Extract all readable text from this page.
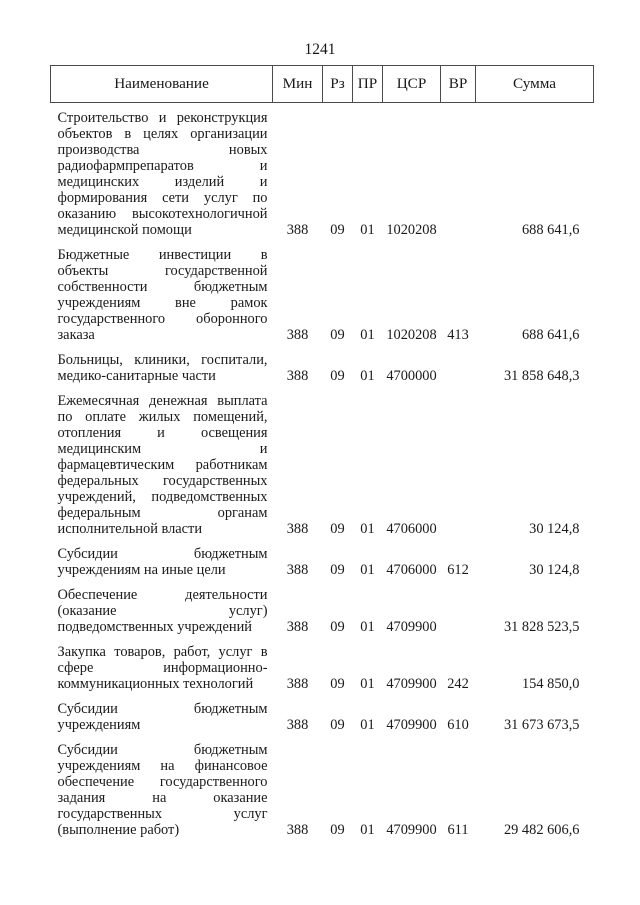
1241
Наименование	Мин	Рз	ПР	ЦСР	ВР	Сумма
Строительство и реконструкция объектов в целях организации производства новых радиофармпрепаратов и медицинских изделий и формирования сети услуг по оказанию высокотехнологичной медицинской помощи	388	09	01	1020208		688 641,6
Бюджетные инвестиции в объекты государственной собственности бюджетным учреждениям вне рамок государственного оборонного заказа	388	09	01	1020208	413	688 641,6
Больницы, клиники, госпитали, медико-санитарные части	388	09	01	4700000		31 858 648,3
Ежемесячная денежная выплата по оплате жилых помещений, отопления и освещения медицинским и фармацевтическим работникам федеральных государственных учреждений, подведомственных федеральным органам исполнительной власти	388	09	01	4706000		30 124,8
Субсидии бюджетным учреждениям на иные цели	388	09	01	4706000	612	30 124,8
Обеспечение деятельности (оказание услуг) подведомственных учреждений	388	09	01	4709900		31 828 523,5
Закупка товаров, работ, услуг в сфере информационно-коммуникационных технологий	388	09	01	4709900	242	154 850,0
Субсидии бюджетным учреждениям	388	09	01	4709900	610	31 673 673,5
Субсидии бюджетным учреждениям на финансовое обеспечение государственного задания на оказание государственных услуг (выполнение работ)	388	09	01	4709900	611	29 482 606,6
